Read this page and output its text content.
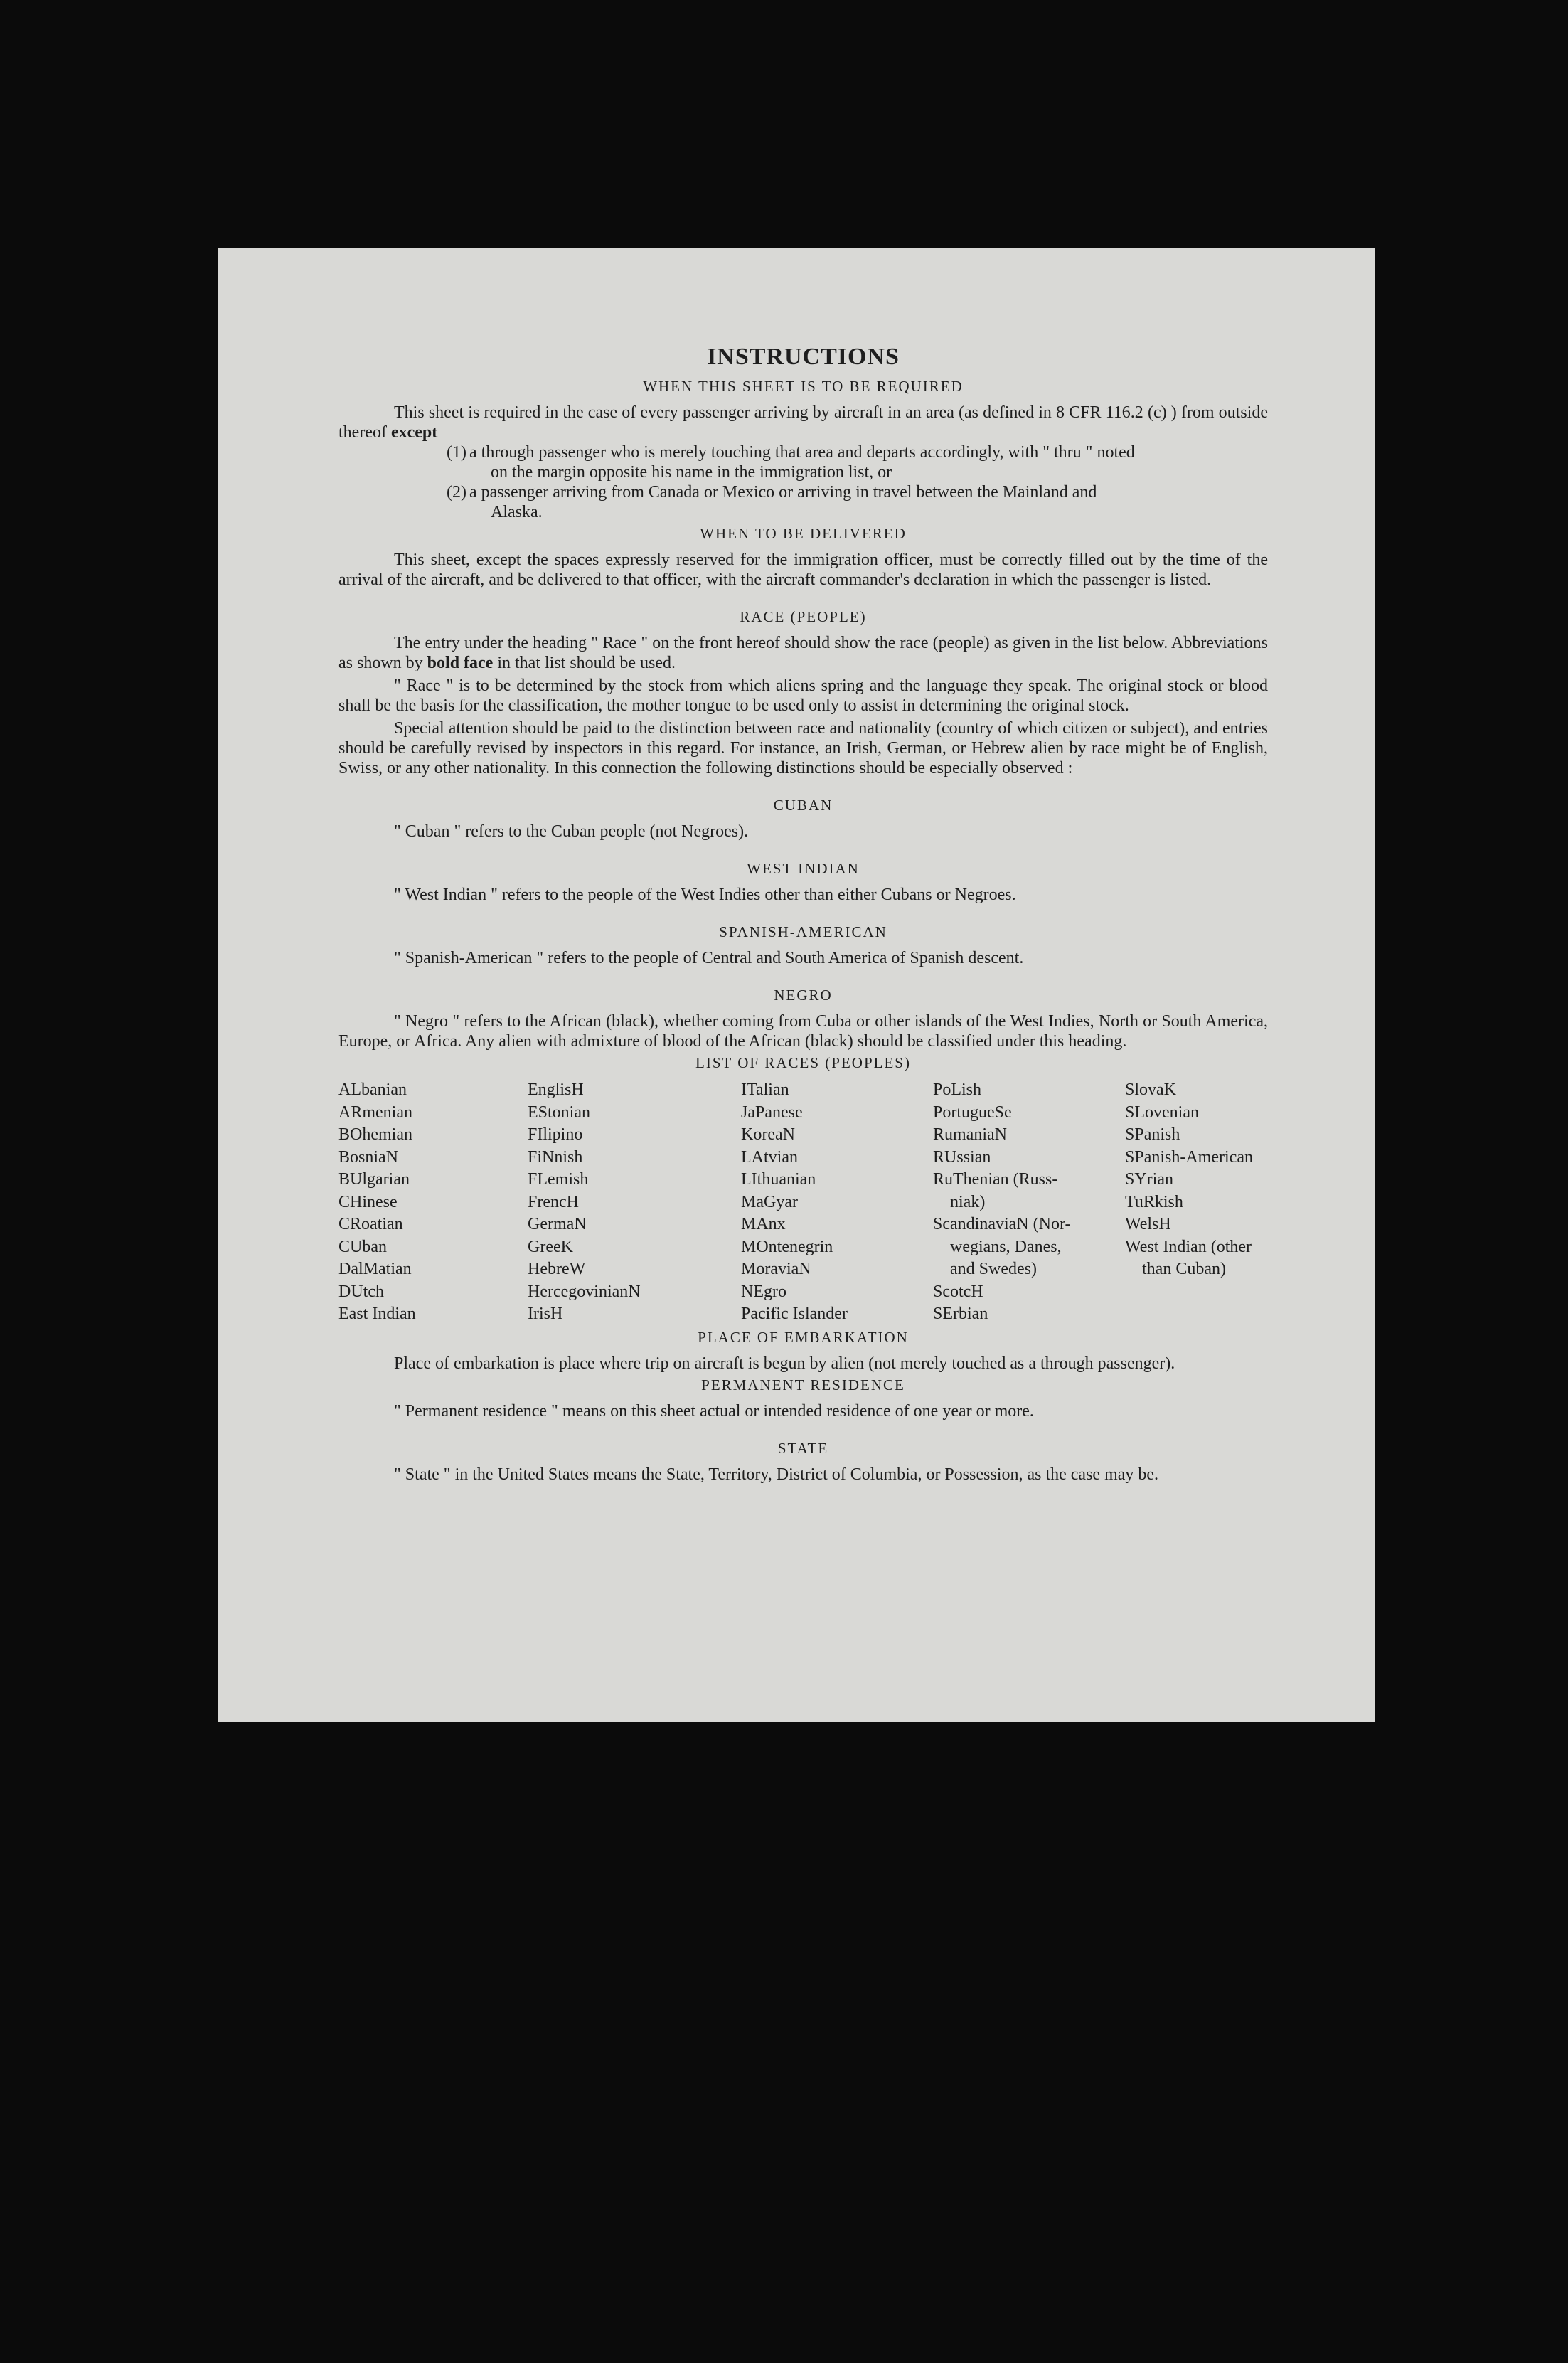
INSTRUCTIONS
WHEN THIS SHEET IS TO BE REQUIRED

This sheet is required in the case of every passenger arriving by aircraft in an area (as defined in 8 CFR 116.2 (c) ) from outside thereof except

(1) a through passenger who is merely touching that area and departs accordingly, with " thru " noted
on the margin opposite his name in the immigration list, or
(2) a passenger arriving from Canada or Mexico or arriving in travel between the Mainland and
Alaska.
WHEN TO BE DELIVERED

This sheet, except the spaces expressly reserved for the immigration officer, must be correctly filled out by the time of the arrival of the aircraft, and be delivered to that officer, with the aircraft commander's declaration in which the passenger is listed.

RACE (PEOPLE)

The entry under the heading " Race " on the front hereof should show the race (people) as given in the list below. Abbreviations as shown by bold face in that list should be used.

" Race " is to be determined by the stock from which aliens spring and the language they speak. The original stock or blood shall be the basis for the classification, the mother tongue to be used only to assist in determining the original stock.

Special attention should be paid to the distinction between race and nationality (country of which citizen or subject), and entries should be carefully revised by inspectors in this regard. For instance, an Irish, German, or Hebrew alien by race might be of English, Swiss, or any other nationality. In this connection the following distinctions should be especially observed :

CUBAN

" Cuban " refers to the Cuban people (not Negroes).

WEST INDIAN

" West Indian " refers to the people of the West Indies other than either Cubans or Negroes.

SPANISH-AMERICAN

" Spanish-American " refers to the people of Central and South America of Spanish descent.

NEGRO

" Negro " refers to the African (black), whether coming from Cuba or other islands of the West Indies, North or South America, Europe, or Africa. Any alien with admixture of blood of the African (black) should be classified under this heading.

LIST OF RACES (PEOPLES)
ALbanian
ARmenian
BOhemian
BosniaN
BUlgarian
CHinese
CRoatian
CUban
DalMatian
DUtch
East Indian
EnglisH
EStonian
FIlipino
FiNnish
FLemish
FrencH
GermaN
GreeK
HebreW
HercegovinianN
IrisH
ITalian
JaPanese
KoreaN
LAtvian
LIthuanian
MaGyar
MAnx
MOntenegrin
MoraviaN
NEgro
Pacific Islander
PoLish
PortugueSe
RumaniaN
RUssian
RuThenian (Russ-
niak)
ScandinaviaN (Nor-
wegians, Danes,
and Swedes)
ScotcH
SErbian
SlovaK
SLovenian
SPanish
SPanish-American
SYrian
TuRkish
WelsH
West Indian (other
than Cuban)
PLACE OF EMBARKATION

Place of embarkation is place where trip on aircraft is begun by alien (not merely touched as a through passenger).

PERMANENT RESIDENCE

" Permanent residence " means on this sheet actual or intended residence of one year or more.

STATE

" State " in the United States means the State, Territory, District of Columbia, or Possession, as the case may be.
